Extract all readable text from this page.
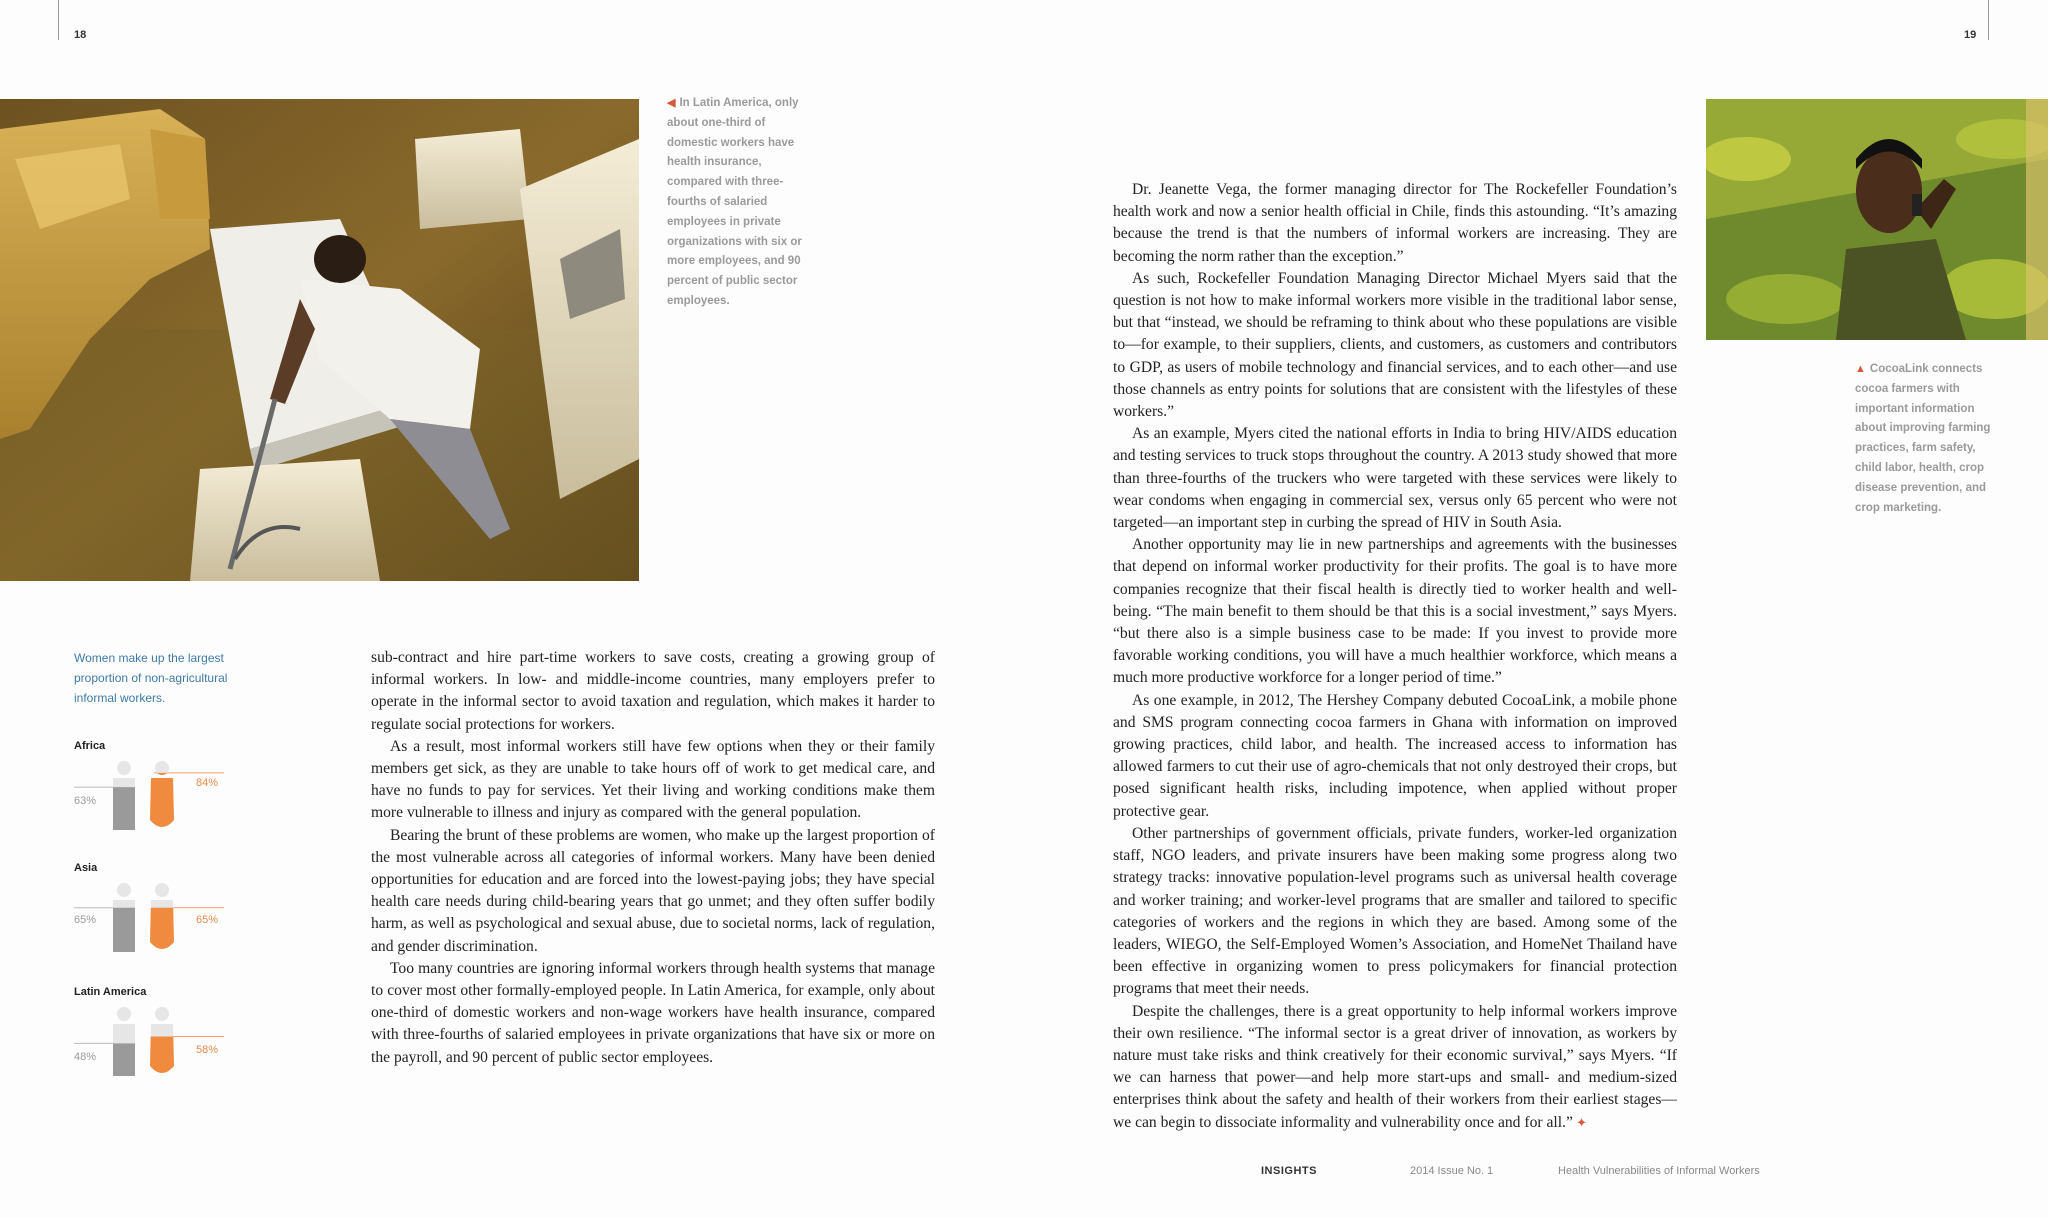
18	19
◀ In Latin America, only about one-third of domestic workers have health insurance, compared with three-fourths of salaried employees in private organizations with six or more employees, and 90 percent of public sector employees.
▲ CocoaLink connects cocoa farmers with important information about improving farming practices, farm safety, child labor, health, crop disease prevention, and crop marketing.
Women make up the largest proportion of non-agricultural informal workers.
Africa
63%
84%
Asia
65%	65%
Latin America
48%
58%

sub-contract and hire part-time workers to save costs, creating a growing group of informal workers. In low- and middle-income countries, many employers prefer to operate in the informal sector to avoid taxation and regulation, which makes it harder to regulate social protections for workers.

As a result, most informal workers still have few options when they or their family members get sick, as they are unable to take hours off of work to get medical care, and have no funds to pay for services. Yet their living and working conditions make them more vulnerable to illness and injury as compared with the general population.

Bearing the brunt of these problems are women, who make up the largest proportion of the most vulnerable across all categories of informal workers. Many have been denied opportunities for education and are forced into the lowest-paying jobs; they have special health care needs during child-bearing years that go unmet; and they often suffer bodily harm, as well as psychological and sexual abuse, due to societal norms, lack of regulation, and gender discrimination.

Too many countries are ignoring informal workers through health systems that manage to cover most other formally-employed people. In Latin America, for example, only about one-third of domestic workers and non-wage workers have health insurance, compared with three-fourths of salaried employees in private organizations that have six or more on the payroll, and 90 percent of public sector employees.

Dr. Jeanette Vega, the former managing director for The Rockefeller Foundation’s health work and now a senior health official in Chile, finds this astounding. “It’s amazing because the trend is that the numbers of informal workers are increasing. They are becoming the norm rather than the exception.”

As such, Rockefeller Foundation Managing Director Michael Myers said that the question is not how to make informal workers more visible in the traditional labor sense, but that “instead, we should be reframing to think about who these populations are visible to—for example, to their suppliers, clients, and customers, as customers and contributors to GDP, as users of mobile technology and financial services, and to each other—and use those channels as entry points for solutions that are consistent with the lifestyles of these workers.”

As an example, Myers cited the national efforts in India to bring HIV/AIDS education and testing services to truck stops throughout the country. A 2013 study showed that more than three-fourths of the truckers who were targeted with these services were likely to wear condoms when engaging in commercial sex, versus only 65 percent who were not targeted—an important step in curbing the spread of HIV in South Asia.

Another opportunity may lie in new partnerships and agreements with the businesses that depend on informal worker productivity for their profits. The goal is to have more companies recognize that their fiscal health is directly tied to worker health and well-being. “The main benefit to them should be that this is a social investment,” says Myers. “but there also is a simple business case to be made: If you invest to provide more favorable working conditions, you will have a much healthier workforce, which means a much more productive workforce for a longer period of time.”

As one example, in 2012, The Hershey Company debuted CocoaLink, a mobile phone and SMS program connecting cocoa farmers in Ghana with information on improved growing practices, child labor, and health. The increased access to information has allowed farmers to cut their use of agro-chemicals that not only destroyed their crops, but posed significant health risks, including impotence, when applied without proper protective gear.

Other partnerships of government officials, private funders, worker-led organization staff, NGO leaders, and private insurers have been making some progress along two strategy tracks: innovative population-level programs such as universal health coverage and worker training; and worker-level programs that are smaller and tailored to specific categories of workers and the regions in which they are based. Among some of the leaders, WIEGO, the Self-Employed Women’s Association, and HomeNet Thailand have been effective in organizing women to press policymakers for financial protection programs that meet their needs.

Despite the challenges, there is a great opportunity to help informal workers improve their own resilience. “The informal sector is a great driver of innovation, as workers by nature must take risks and think creatively for their economic survival,” says Myers. “If we can harness that power—and help more start-ups and small- and medium-sized enterprises think about the safety and health of their workers from their earliest stages—we can begin to dissociate informality and vulnerability once and for all.” ✦

INSIGHTS	2014 Issue No. 1	Health Vulnerabilities of Informal Workers
